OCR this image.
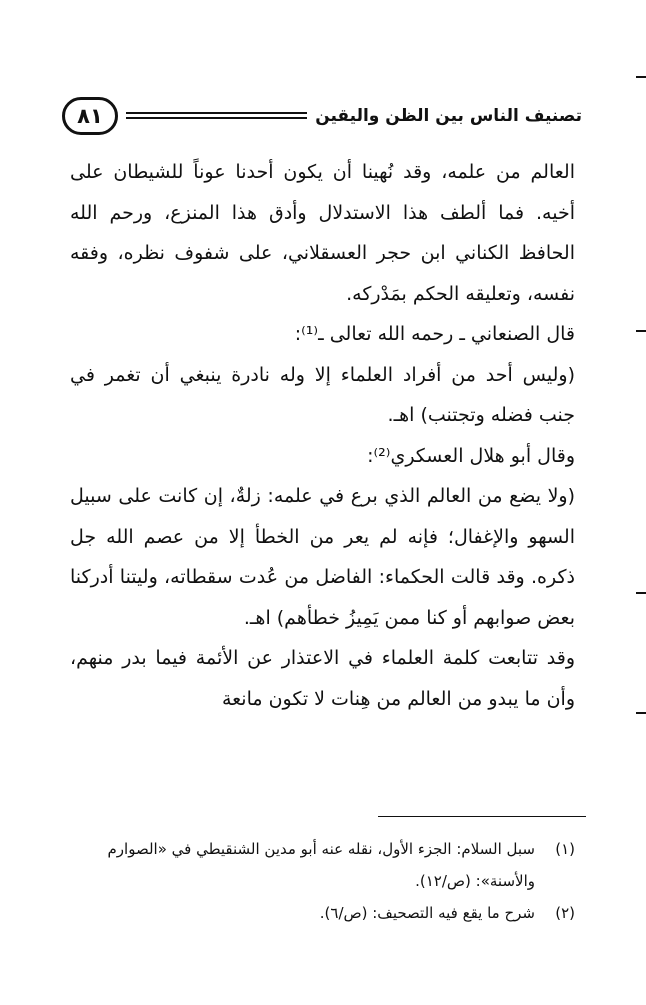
٨١	تصنيف الناس بين الظن واليقين

العالم من علمه، وقد نُهينا أن يكون أحدنا عوناً للشيطان على أخيه. فما ألطف هذا الاستدلال وأدق هذا المنزع، ورحم الله الحافظ الكناني ابن حجر العسقلاني، على شفوف نظره، وفقه نفسه، وتعليقه الحكم بمَدْركه.

قال الصنعاني ـ رحمه الله تعالى ـ⁽¹⁾:

(وليس أحد من أفراد العلماء إلا وله نادرة ينبغي أن تغمر في جنب فضله وتجتنب) اهـ.

وقال أبو هلال العسكري⁽²⁾:

(ولا يضع من العالم الذي برع في علمه: زلةٌ، إن كانت على سبيل السهو والإغفال؛ فإنه لم يعر من الخطأ إلا من عصم الله جل ذكره. وقد قالت الحكماء: الفاضل من عُدت سقطاته، وليتنا أدركنا بعض صوابهم أو كنا ممن يَمِيزُ خطأهم) اهـ.

وقد تتابعت كلمة العلماء في الاعتذار عن الأئمة فيما بدر منهم، وأن ما يبدو من العالم من هِنات لا تكون مانعة

(١)
سبل السلام: الجزء الأول، نقله عنه أبو مدين الشنقيطي في «الصوارم والأسنة»: (ص/١٢).
(٢)
شرح ما يقع فيه التصحيف: (ص/٦).
